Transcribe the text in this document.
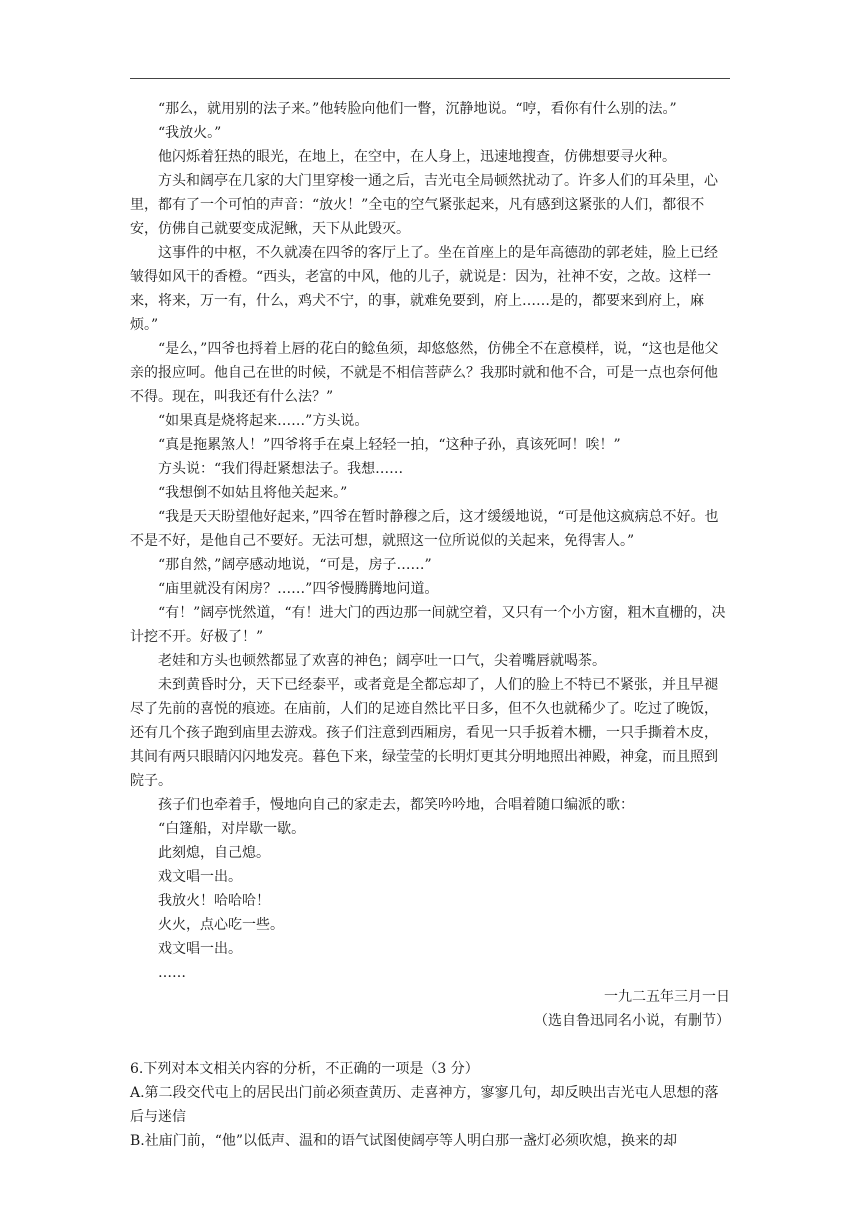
“那么，就用别的法子来。”他转脸向他们一瞥，沉静地说。“哼，看你有什么别的法。”

“我放火。”

他闪烁着狂热的眼光，在地上，在空中，在人身上，迅速地搜查，仿佛想要寻火种。

方头和阔亭在几家的大门里穿梭一通之后，吉光屯全局顿然扰动了。许多人们的耳朵里，心里，都有了一个可怕的声音：“放火！”全屯的空气紧张起来，凡有感到这紧张的人们，都很不安，仿佛自己就要变成泥鳅，天下从此毁灭。

这事件的中枢，不久就凑在四爷的客厅上了。坐在首座上的是年高德劭的郭老娃，脸上已经皱得如风干的香橙。“西头，老富的中风，他的儿子，就说是：因为，社神不安，之故。这样一来，将来，万一有，什么，鸡犬不宁，的事，就难免要到，府上……是的，都要来到府上，麻烦。”

“是么，”四爷也捋着上唇的花白的鲶鱼须，却悠悠然，仿佛全不在意模样，说，“这也是他父亲的报应呵。他自己在世的时候，不就是不相信菩萨么？我那时就和他不合，可是一点也奈何他不得。现在，叫我还有什么法？”

“如果真是烧将起来……”方头说。

“真是拖累煞人！”四爷将手在桌上轻轻一拍，“这种子孙，真该死呵！唉！”

方头说：“我们得赶紧想法子。我想……

“我想倒不如姑且将他关起来。”

“我是天天盼望他好起来，”四爷在暂时静穆之后，这才缓缓地说，“可是他这疯病总不好。也不是不好，是他自己不要好。无法可想，就照这一位所说似的关起来，免得害人。”

“那自然，”阔亭感动地说，“可是，房子……”

“庙里就没有闲房？……”四爷慢腾腾地问道。

“有！”阔亭恍然道，“有！进大门的西边那一间就空着，又只有一个小方窗，粗木直栅的，决计挖不开。好极了！”

老娃和方头也顿然都显了欢喜的神色；阔亭吐一口气，尖着嘴唇就喝茶。

未到黄昏时分，天下已经泰平，或者竟是全都忘却了，人们的脸上不特已不紧张，并且早褪尽了先前的喜悦的痕迹。在庙前，人们的足迹自然比平日多，但不久也就稀少了。吃过了晚饭，还有几个孩子跑到庙里去游戏。孩子们注意到西厢房，看见一只手扳着木栅，一只手撕着木皮，其间有两只眼睛闪闪地发亮。暮色下来，绿莹莹的长明灯更其分明地照出神殿，神龛，而且照到院子。

孩子们也牵着手，慢地向自己的家走去，都笑吟吟地，合唱着随口编派的歌：

“白篷船，对岸歇一歇。

此刻熄，自己熄。

戏文唱一出。

我放火！哈哈哈！

火火，点心吃一些。

戏文唱一出。

……

一九二五年三月一日

（选自鲁迅同名小说，有删节）

6.下列对本文相关内容的分析，不正确的一项是（3 分）

A.第二段交代屯上的居民出门前必须查黄历、走喜神方，寥寥几句，却反映出吉光屯人思想的落后与迷信

B.社庙门前，“他”以低声、温和的语气试图使阔亭等人明白那一盏灯必须吹熄，换来的却
